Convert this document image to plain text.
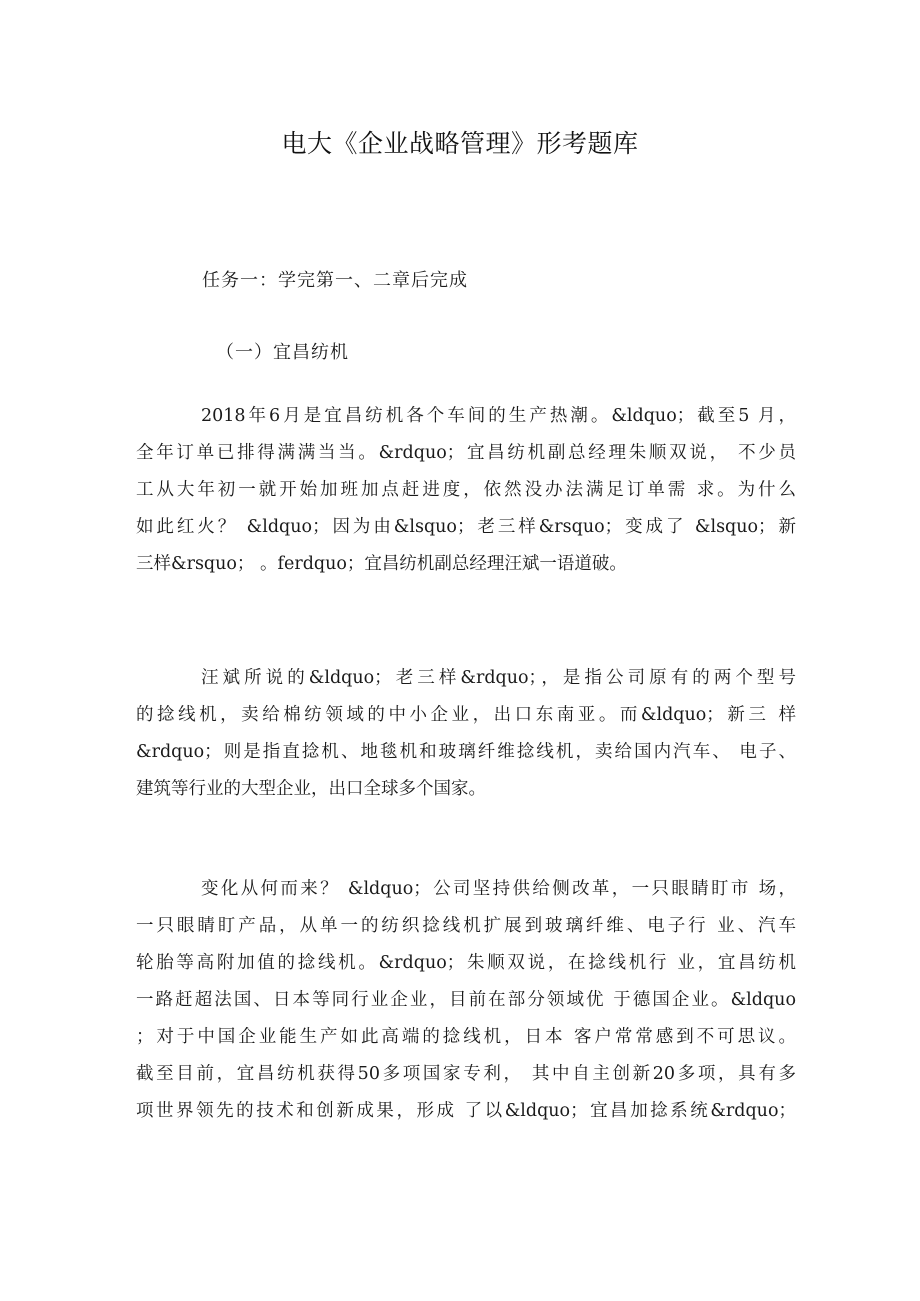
电大《企业战略管理》形考题库

任务一：学完第一、二章后完成

（一）宜昌纺机

2018年6月是宜昌纺机各个车间的生产热潮。&ldquo；截至5 月，
全年订单已排得满满当当。&rdquo；宜昌纺机副总经理朱顺双说， 不少员
工从大年初一就开始加班加点赶进度，依然没办法满足订单需 求。为什么
如此红火？ &ldquo；因为由&lsquo；老三样&rsquo；变成了 &lsquo；新
三样&rsquo； 。ferdquo；宜昌纺机副总经理汪斌一语道破。
汪斌所说的&ldquo；老三样&rdquo；，是指公司原有的两个型号
的捻线机，卖给棉纺领域的中小企业，出口东南亚。而&ldquo；新三 样
&rdquo；则是指直捻机、地毯机和玻璃纤维捻线机，卖给国内汽车、 电子、
建筑等行业的大型企业，出口全球多个国家。
变化从何而来？ &ldquo；公司坚持供给侧改革，一只眼睛盯市 场，
一只眼睛盯产品，从单一的纺织捻线机扩展到玻璃纤维、电子行 业、汽车
轮胎等高附加值的捻线机。&rdquo；朱顺双说，在捻线机行 业，宜昌纺机
一路赶超法国、日本等同行业企业，目前在部分领域优 于德国企业。&ldquo
；对于中国企业能生产如此高端的捻线机，日本 客户常常感到不可思议。
截至目前，宜昌纺机获得50多项国家专利， 其中自主创新20多项，具有多
项世界领先的技术和创新成果，形成 了以&ldquo；宜昌加捻系统&rdquo；
